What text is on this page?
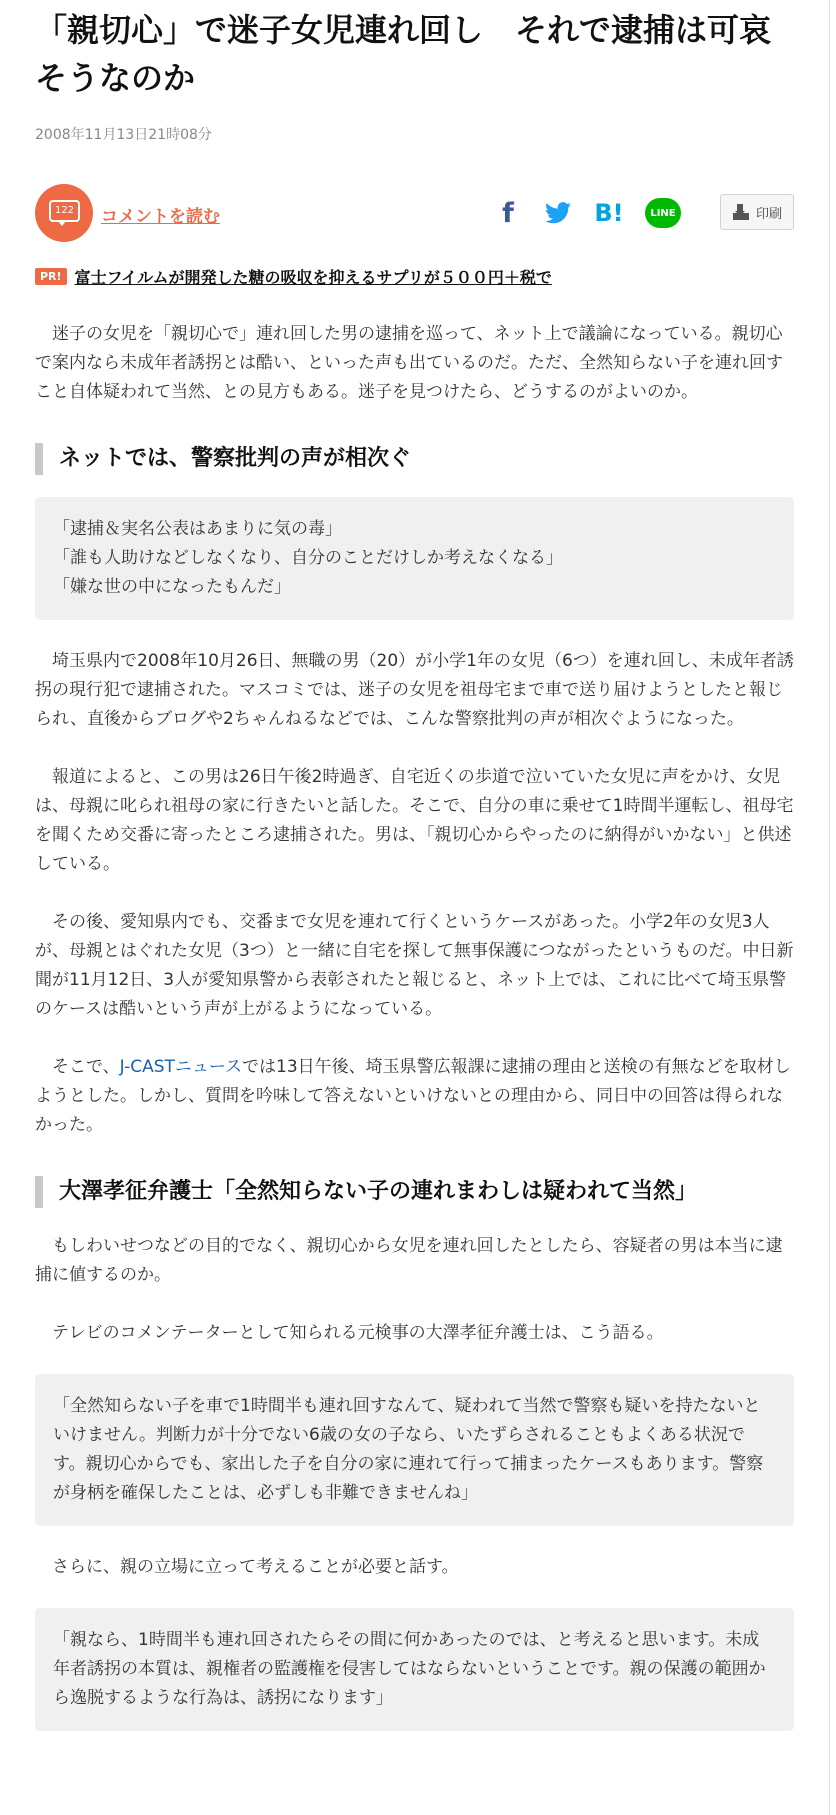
「親切心」で迷子女児連れ回し　それで逮捕は可哀そうなのか
2008年11月13日21時08分
122	コメントを読む	f	B!	LINE	印刷
PR! 富士フイルムが開発した糖の吸収を抑えるサプリが５００円＋税で

迷子の女児を「親切心で」連れ回した男の逮捕を巡って、ネット上で議論になっている。親切心で案内なら未成年者誘拐とは酷い、といった声も出ているのだ。ただ、全然知らない子を連れ回すこと自体疑われて当然、との見方もある。迷子を見つけたら、どうするのがよいのか。

ネットでは、警察批判の声が相次ぐ
「逮捕＆実名公表はあまりに気の毒」
「誰も人助けなどしなくなり、自分のことだけしか考えなくなる」
「嫌な世の中になったもんだ」

埼玉県内で2008年10月26日、無職の男（20）が小学1年の女児（6つ）を連れ回し、未成年者誘拐の現行犯で逮捕された。マスコミでは、迷子の女児を祖母宅まで車で送り届けようとしたと報じられ、直後からブログや2ちゃんねるなどでは、こんな警察批判の声が相次ぐようになった。

報道によると、この男は26日午後2時過ぎ、自宅近くの歩道で泣いていた女児に声をかけ、女児は、母親に叱られ祖母の家に行きたいと話した。そこで、自分の車に乗せて1時間半運転し、祖母宅を聞くため交番に寄ったところ逮捕された。男は、「親切心からやったのに納得がいかない」と供述している。

その後、愛知県内でも、交番まで女児を連れて行くというケースがあった。小学2年の女児3人が、母親とはぐれた女児（3つ）と一緒に自宅を探して無事保護につながったというものだ。中日新聞が11月12日、3人が愛知県警から表彰されたと報じると、ネット上では、これに比べて埼玉県警のケースは酷いという声が上がるようになっている。

そこで、J-CASTニュースでは13日午後、埼玉県警広報課に逮捕の理由と送検の有無などを取材しようとした。しかし、質問を吟味して答えないといけないとの理由から、同日中の回答は得られなかった。

大澤孝征弁護士「全然知らない子の連れまわしは疑われて当然」

もしわいせつなどの目的でなく、親切心から女児を連れ回したとしたら、容疑者の男は本当に逮捕に値するのか。

テレビのコメンテーターとして知られる元検事の大澤孝征弁護士は、こう語る。

「全然知らない子を車で1時間半も連れ回すなんて、疑われて当然で警察も疑いを持たないといけません。判断力が十分でない6歳の女の子なら、いたずらされることもよくある状況です。親切心からでも、家出した子を自分の家に連れて行って捕まったケースもあります。警察が身柄を確保したことは、必ずしも非難できませんね」

さらに、親の立場に立って考えることが必要と話す。

「親なら、1時間半も連れ回されたらその間に何かあったのでは、と考えると思います。未成年者誘拐の本質は、親権者の監護権を侵害してはならないということです。親の保護の範囲から逸脱するような行為は、誘拐になります」
